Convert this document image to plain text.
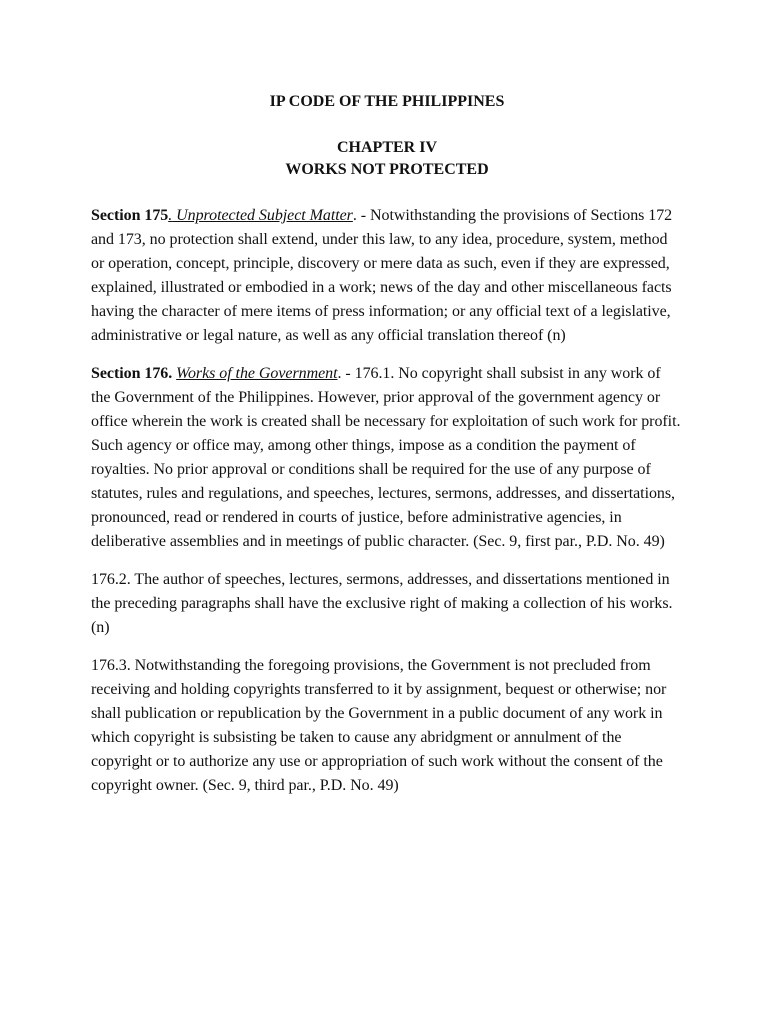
IP CODE OF THE PHILIPPINES

CHAPTER IV

WORKS NOT PROTECTED

Section 175. Unprotected Subject Matter. - Notwithstanding the provisions of Sections 172 and 173, no protection shall extend, under this law, to any idea, procedure, system, method or operation, concept, principle, discovery or mere data as such, even if they are expressed, explained, illustrated or embodied in a work; news of the day and other miscellaneous facts having the character of mere items of press information; or any official text of a legislative, administrative or legal nature, as well as any official translation thereof (n)

Section 176. Works of the Government. - 176.1. No copyright shall subsist in any work of the Government of the Philippines. However, prior approval of the government agency or office wherein the work is created shall be necessary for exploitation of such work for profit. Such agency or office may, among other things, impose as a condition the payment of royalties. No prior approval or conditions shall be required for the use of any purpose of statutes, rules and regulations, and speeches, lectures, sermons, addresses, and dissertations, pronounced, read or rendered in courts of justice, before administrative agencies, in deliberative assemblies and in meetings of public character. (Sec. 9, first par., P.D. No. 49)

176.2. The author of speeches, lectures, sermons, addresses, and dissertations mentioned in the preceding paragraphs shall have the exclusive right of making a collection of his works. (n)

176.3. Notwithstanding the foregoing provisions, the Government is not precluded from receiving and holding copyrights transferred to it by assignment, bequest or otherwise; nor shall publication or republication by the Government in a public document of any work in which copyright is subsisting be taken to cause any abridgment or annulment of the copyright or to authorize any use or appropriation of such work without the consent of the copyright owner. (Sec. 9, third par., P.D. No. 49)
